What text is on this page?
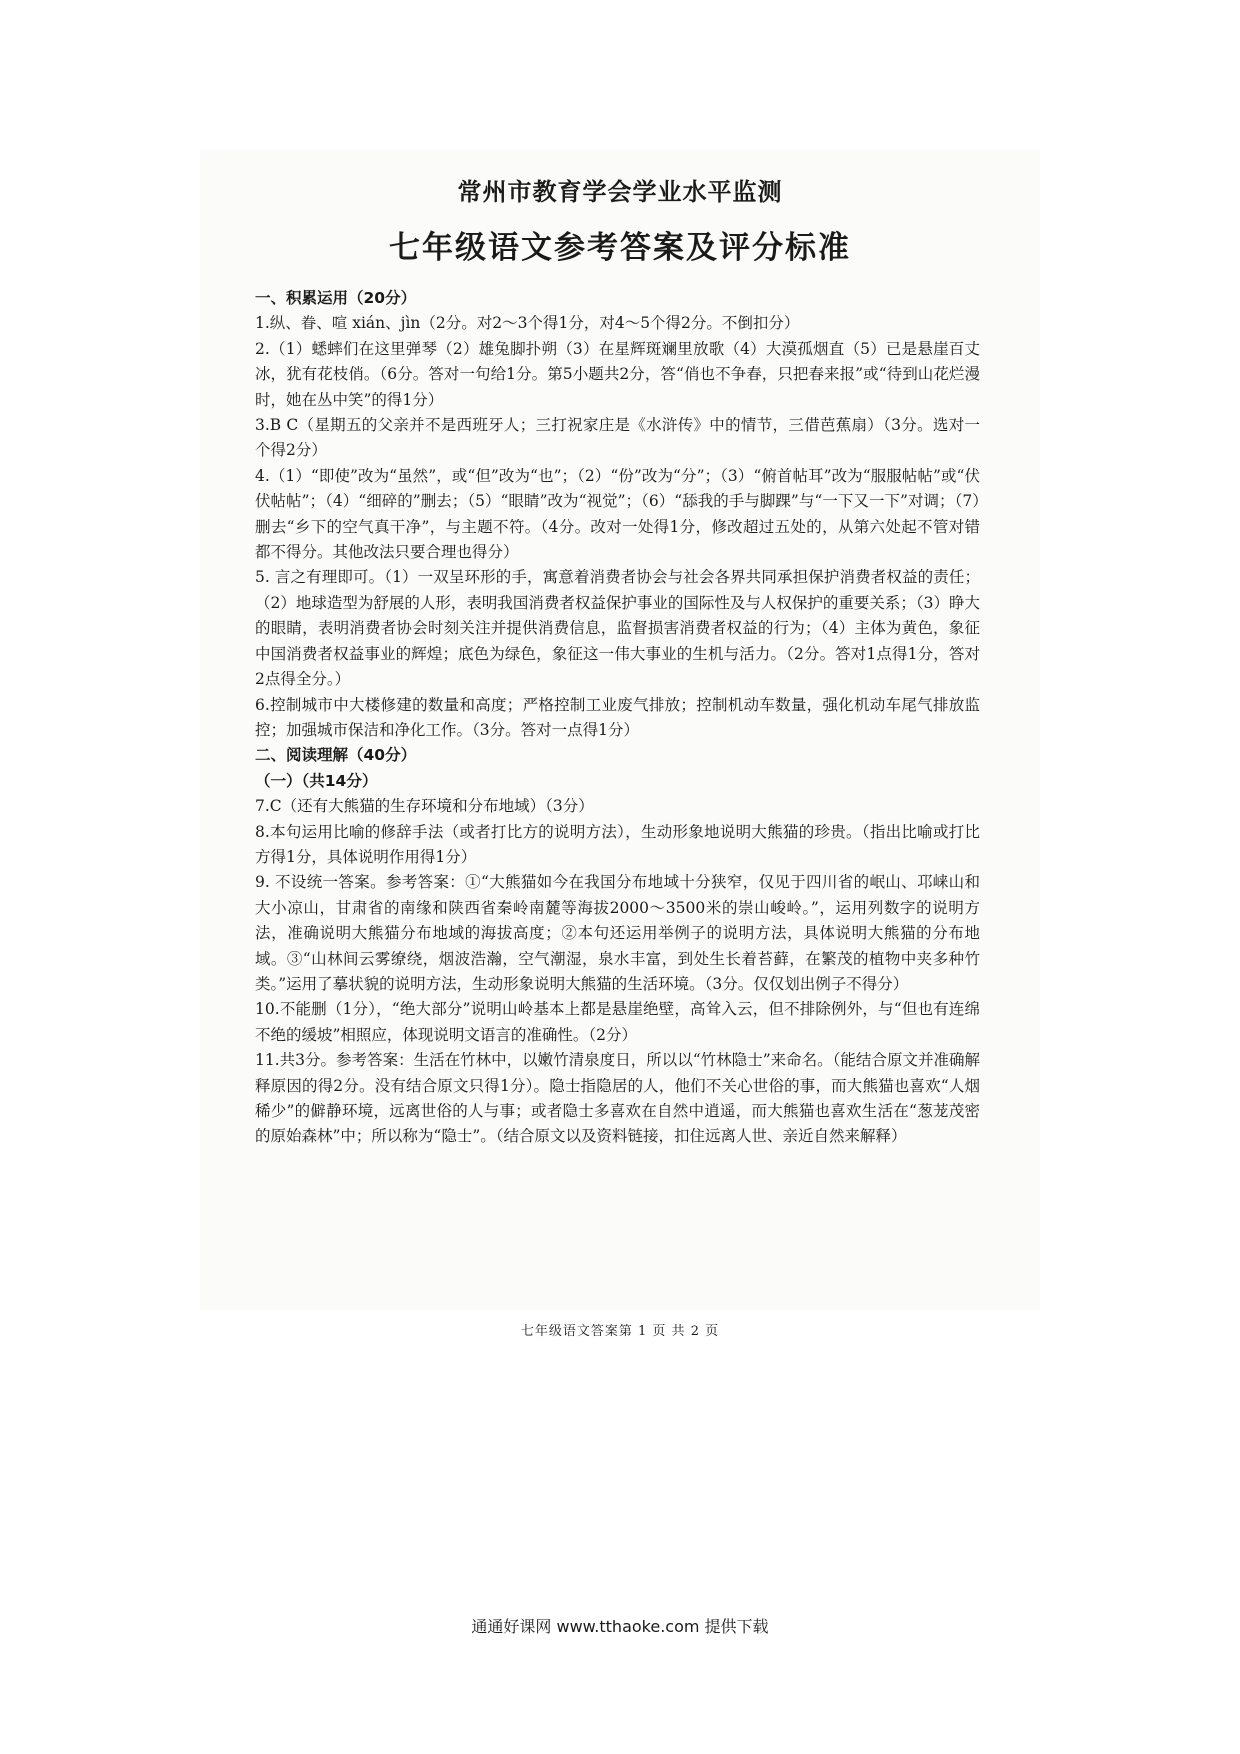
常州市教育学会学业水平监测
七年级语文参考答案及评分标准

一、积累运用（20分）

1.纵、眷、喧 xián、jìn（2分。对2～3个得1分，对4～5个得2分。不倒扣分）

2.（1）蟋蟀们在这里弹琴（2）雄兔脚扑朔（3）在星辉斑斓里放歌（4）大漠孤烟直（5）已是悬崖百丈冰，犹有花枝俏。（6分。答对一句给1分。第5小题共2分，答“俏也不争春，只把春来报”或“待到山花烂漫时，她在丛中笑”的得1分）

3.B C（星期五的父亲并不是西班牙人；三打祝家庄是《水浒传》中的情节，三借芭蕉扇）（3分。选对一个得2分）

4.（1）“即使”改为“虽然”，或“但”改为“也”；（2）“份”改为“分”；（3）“俯首帖耳”改为“服服帖帖”或“伏伏帖帖”；（4）“细碎的”删去；（5）“眼睛”改为“视觉”；（6）“舔我的手与脚踝”与“一下又一下”对调；（7）删去“乡下的空气真干净”，与主题不符。（4分。改对一处得1分，修改超过五处的，从第六处起不管对错都不得分。其他改法只要合理也得分）

5. 言之有理即可。（1）一双呈环形的手，寓意着消费者协会与社会各界共同承担保护消费者权益的责任；（2）地球造型为舒展的人形，表明我国消费者权益保护事业的国际性及与人权保护的重要关系；（3）睁大的眼睛，表明消费者协会时刻关注并提供消费信息，监督损害消费者权益的行为；（4）主体为黄色，象征中国消费者权益事业的辉煌；底色为绿色，象征这一伟大事业的生机与活力。（2分。答对1点得1分，答对2点得全分。）

6.控制城市中大楼修建的数量和高度；严格控制工业废气排放；控制机动车数量，强化机动车尾气排放监控；加强城市保洁和净化工作。（3分。答对一点得1分）

二、阅读理解（40分）

（一）（共14分）

7.C（还有大熊猫的生存环境和分布地域）（3分）

8.本句运用比喻的修辞手法（或者打比方的说明方法），生动形象地说明大熊猫的珍贵。（指出比喻或打比方得1分，具体说明作用得1分）

9. 不设统一答案。参考答案：①“大熊猫如今在我国分布地域十分狭窄，仅见于四川省的岷山、邛崃山和大小凉山，甘肃省的南缘和陕西省秦岭南麓等海拔2000～3500米的崇山峻岭。”，运用列数字的说明方法，准确说明大熊猫分布地域的海拔高度；②本句还运用举例子的说明方法，具体说明大熊猫的分布地域。③“山林间云雾缭绕，烟波浩瀚，空气潮湿，泉水丰富，到处生长着苔藓，在繁茂的植物中夹多种竹类。”运用了摹状貌的说明方法，生动形象说明大熊猫的生活环境。（3分。仅仅划出例子不得分）

10.不能删（1分），“绝大部分”说明山岭基本上都是悬崖绝壁，高耸入云，但不排除例外，与“但也有连绵不绝的缓坡”相照应，体现说明文语言的准确性。（2分）

11.共3分。参考答案：生活在竹林中，以嫩竹清泉度日，所以以“竹林隐士”来命名。（能结合原文并准确解释原因的得2分。没有结合原文只得1分）。隐士指隐居的人，他们不关心世俗的事，而大熊猫也喜欢“人烟稀少”的僻静环境，远离世俗的人与事；或者隐士多喜欢在自然中逍遥，而大熊猫也喜欢生活在“葱茏茂密的原始森林”中；所以称为“隐士”。（结合原文以及资料链接，扣住远离人世、亲近自然来解释）

七年级语文答案第 1 页 共 2 页
通通好课网 www.tthaoke.com 提供下载
